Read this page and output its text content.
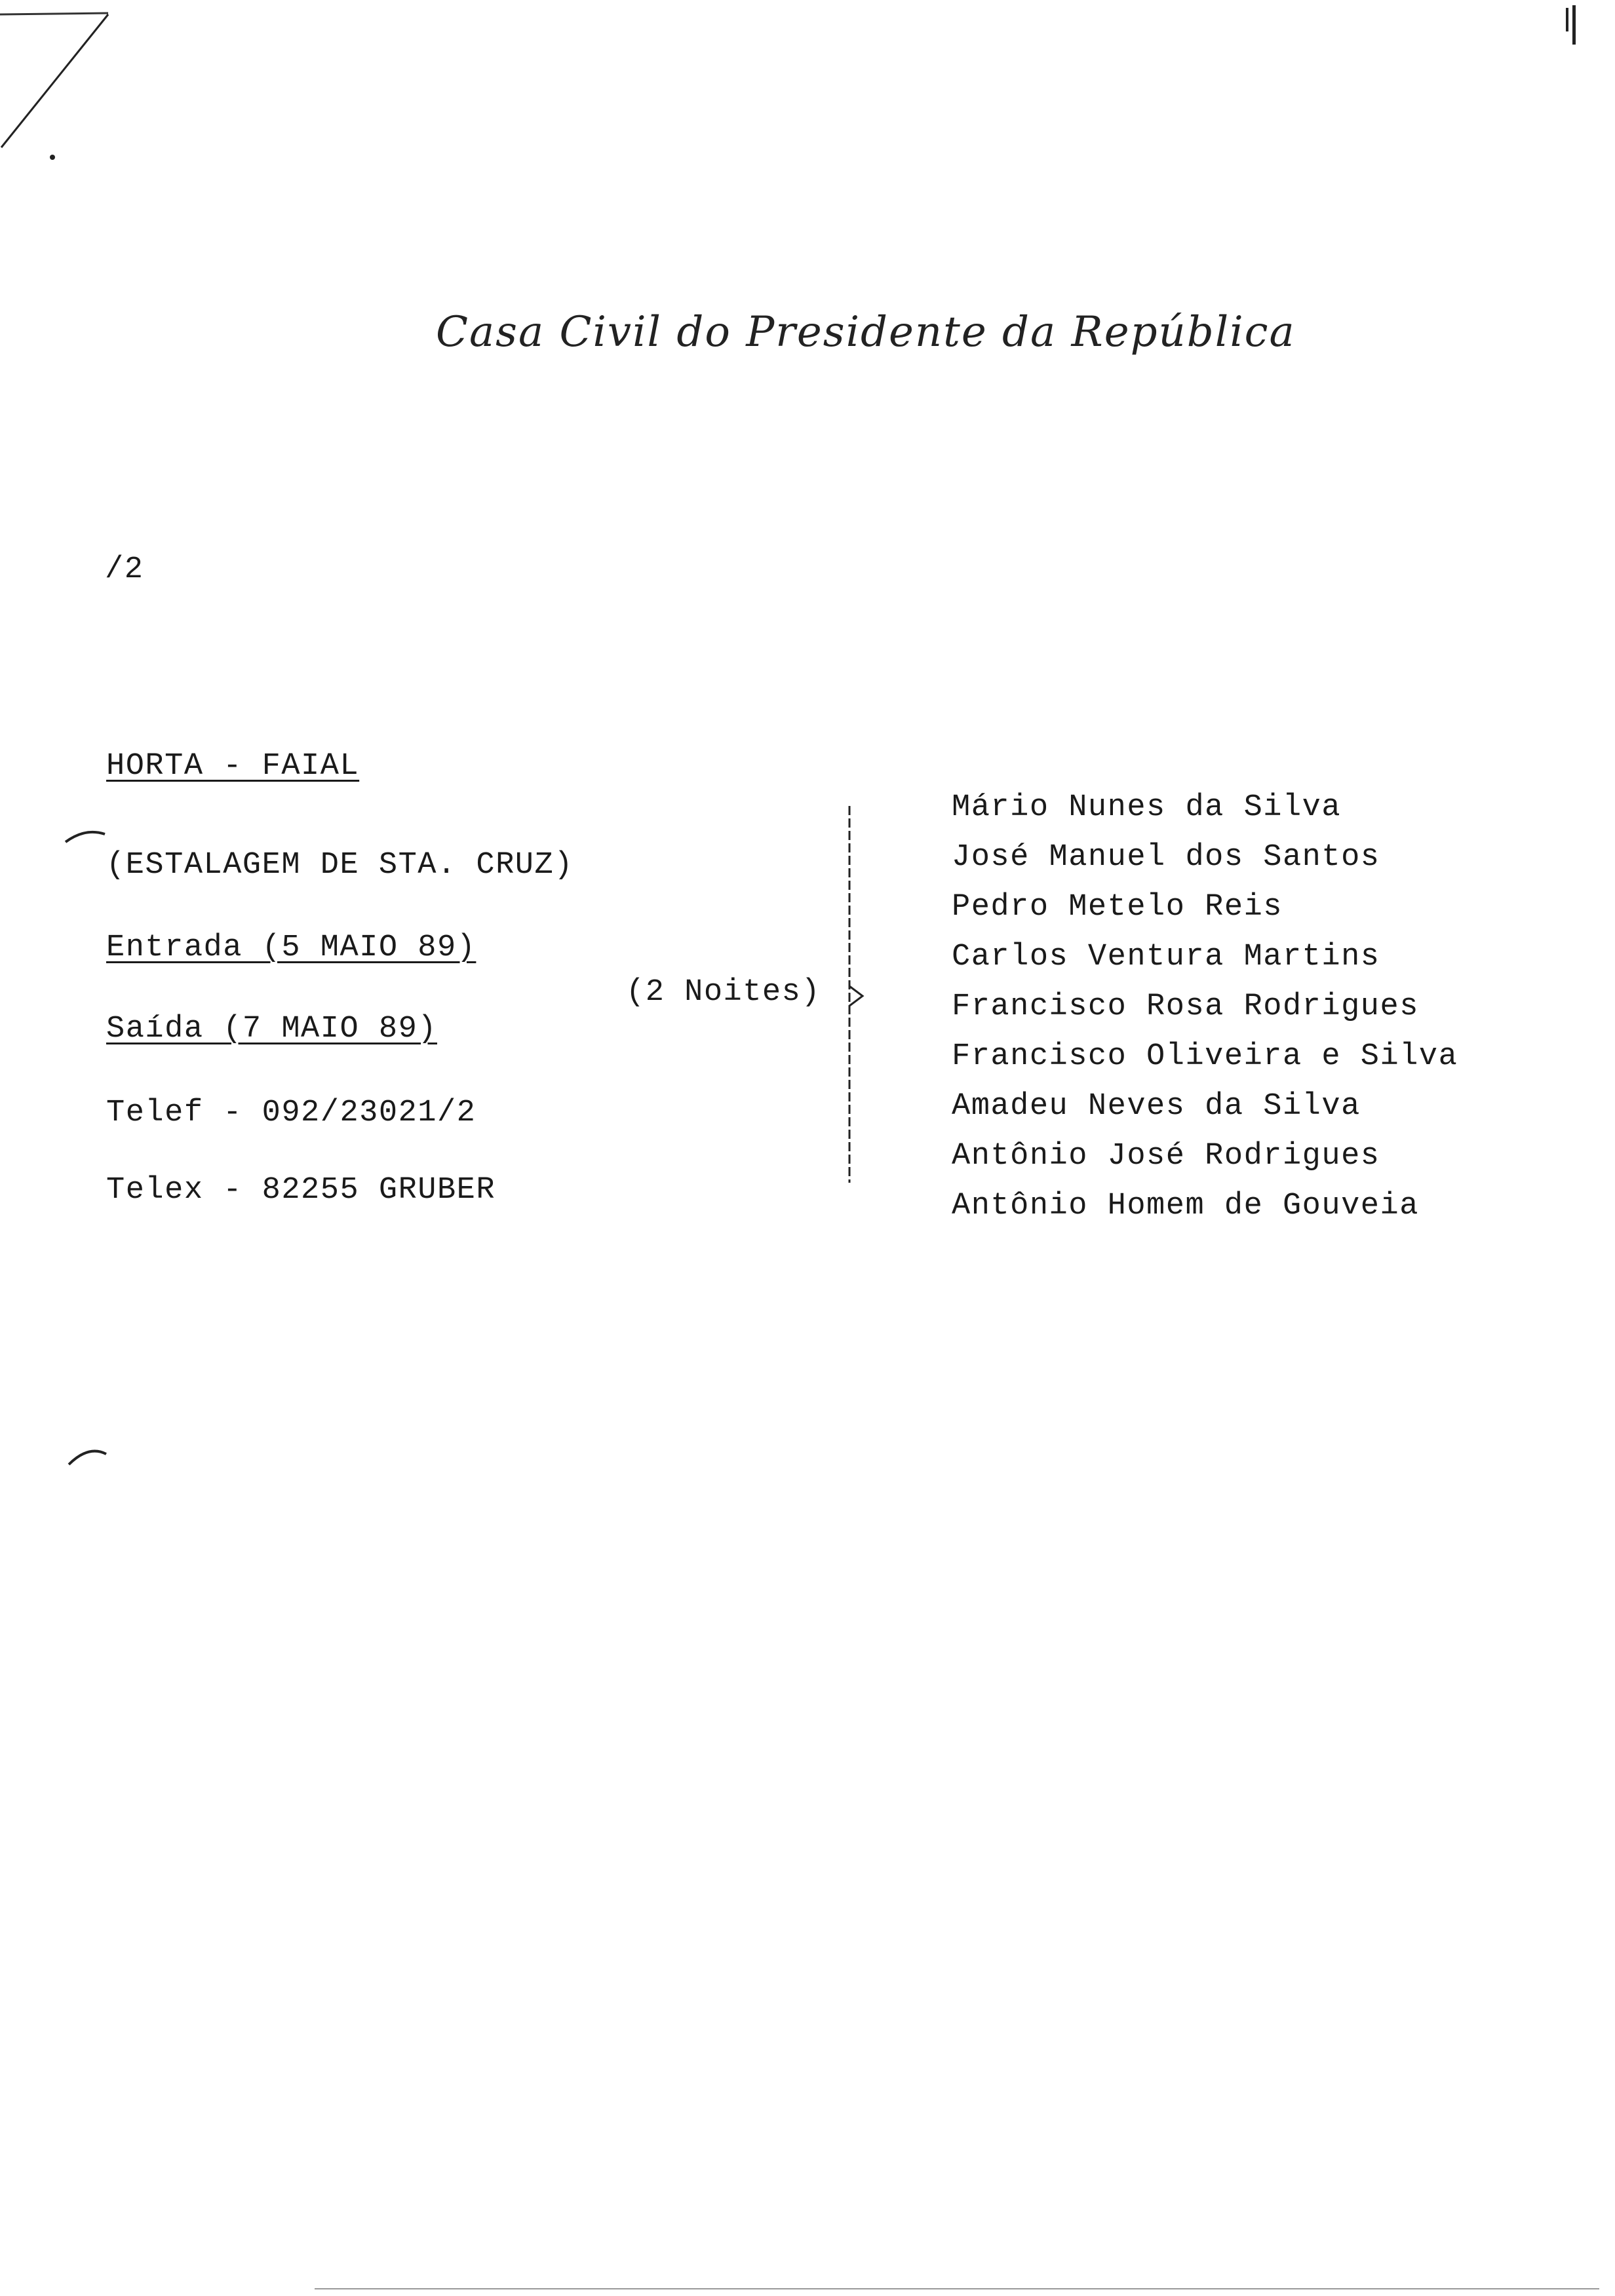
Casa Civil do Presidente da República
/2
HORTA - FAIAL
(ESTALAGEM DE STA. CRUZ)
Entrada (5 MAIO 89)
Saída (7 MAIO 89)
Telef - 092/23021/2
Telex - 82255 GRUBER
(2 Noites)
Mário Nunes da Silva
José Manuel dos Santos
Pedro Metelo Reis
Carlos Ventura Martins
Francisco Rosa Rodrigues
Francisco Oliveira e Silva
Amadeu Neves da Silva
Antônio José Rodrigues
Antônio Homem de Gouveia
